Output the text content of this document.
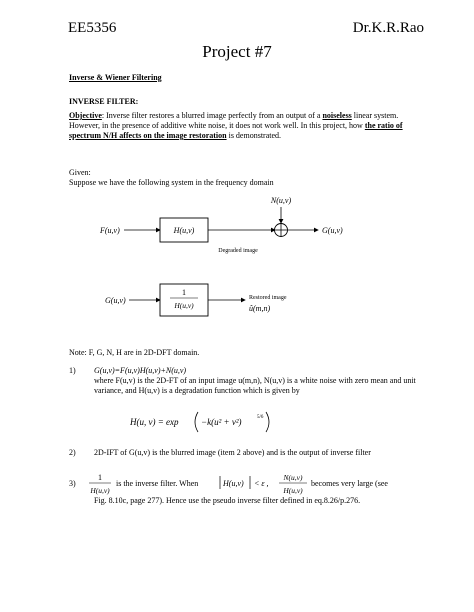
EE5356	Dr.K.R.Rao
Project #7
Inverse & Wiener Filtering
INVERSE FILTER:
Objective: Inverse filter restores a blurred image perfectly from an output of a noiseless linear system. However, in the presence of additive white noise, it does not work well. In this project, how the ratio of spectrum N/H affects on the image restoration is demonstrated.
Given:
Suppose we have the following system in the frequency domain
F(u,v)	H(u,v)
N(u,v)
G(u,v)
Degraded image
G(u,v)
1
H(u,v)
Restored image
û(m,n)
Note: F, G, N, H are in 2D-DFT domain.
1) G(u,v)=F(u,v)H(u,v)+N(u,v)
where F(u,v) is the 2D-FT of an input image u(m,n), N(u,v) is a white noise with zero mean and unit variance, and H(u,v) is a degradation function which is given by
H(u, v) = exp −k(u² + v²)	5/6
2) 2D-IFT of G(u,v) is the blurred image (item 2 above) and is the output of inverse filter
3)
1
H(u,v)
is the inverse filter. When	H(u,v) < ε ,
N(u,v)
H(u,v)
becomes very large (see
Fig. 8.10c, page 277). Hence use the pseudo inverse filter defined in eq.8.26/p.276.
